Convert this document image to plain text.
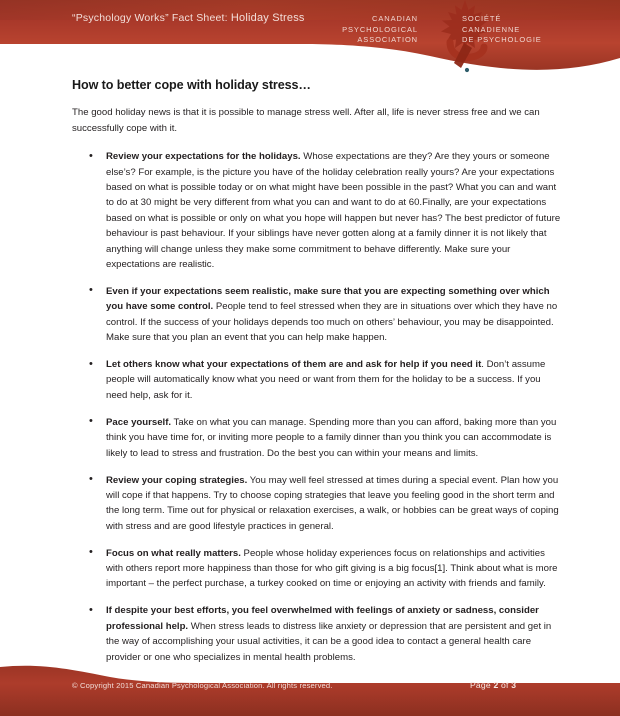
“Psychology Works” Fact Sheet: Holiday Stress	CANADIAN
PSYCHOLOGICAL
ASSOCIATION
SOCIÉTÉ
CANADIENNE
DE PSYCHOLOGIE
How to better cope with holiday stress…

The good holiday news is that it is possible to manage stress well. After all, life is never stress free and we can successfully cope with it.

• Review your expectations for the holidays. Whose expectations are they? Are they yours or someone else’s? For example, is the picture you have of the holiday celebration really yours? Are your expectations based on what is possible today or on what might have been possible in the past? What you can and want to do at 30 might be very different from what you can and want to do at 60.Finally, are your expectations based on what is possible or only on what you hope will happen but never has? The best predictor of future behaviour is past behaviour. If your siblings have never gotten along at a family dinner it is not likely that anything will change unless they make some commitment to behave differently. Make sure your expectations are realistic.
• Even if your expectations seem realistic, make sure that you are expecting something over which you have some control. People tend to feel stressed when they are in situations over which they have no control. If the success of your holidays depends too much on others’ behaviour, you may be disappointed. Make sure that you plan an event that you can help make happen.
• Let others know what your expectations of them are and ask for help if you need it. Don’t assume people will automatically know what you need or want from them for the holiday to be a success. If you need help, ask for it.
• Pace yourself. Take on what you can manage. Spending more than you can afford, baking more than you think you have time for, or inviting more people to a family dinner than you think you can accommodate is likely to lead to stress and frustration. Do the best you can within your means and limits.
• Review your coping strategies. You may well feel stressed at times during a special event. Plan how you will cope if that happens. Try to choose coping strategies that leave you feeling good in the short term and the long term. Time out for physical or relaxation exercises, a walk, or hobbies can be great ways of coping with stress and are good lifestyle practices in general.
• Focus on what really matters. People whose holiday experiences focus on relationships and activities with others report more happiness than those for who gift giving is a big focus[1]. Think about what is more important – the perfect purchase, a turkey cooked on time or enjoying an activity with friends and family.
• If despite your best efforts, you feel overwhelmed with feelings of anxiety or sadness, consider professional help. When stress leads to distress like anxiety or depression that are persistent and get in the way of accomplishing your usual activities, it can be a good idea to contact a general health care provider or one who specializes in mental health problems.
© Copyright 2015 Canadian Psychological Association. All rights reserved.	Page 2 of 3
